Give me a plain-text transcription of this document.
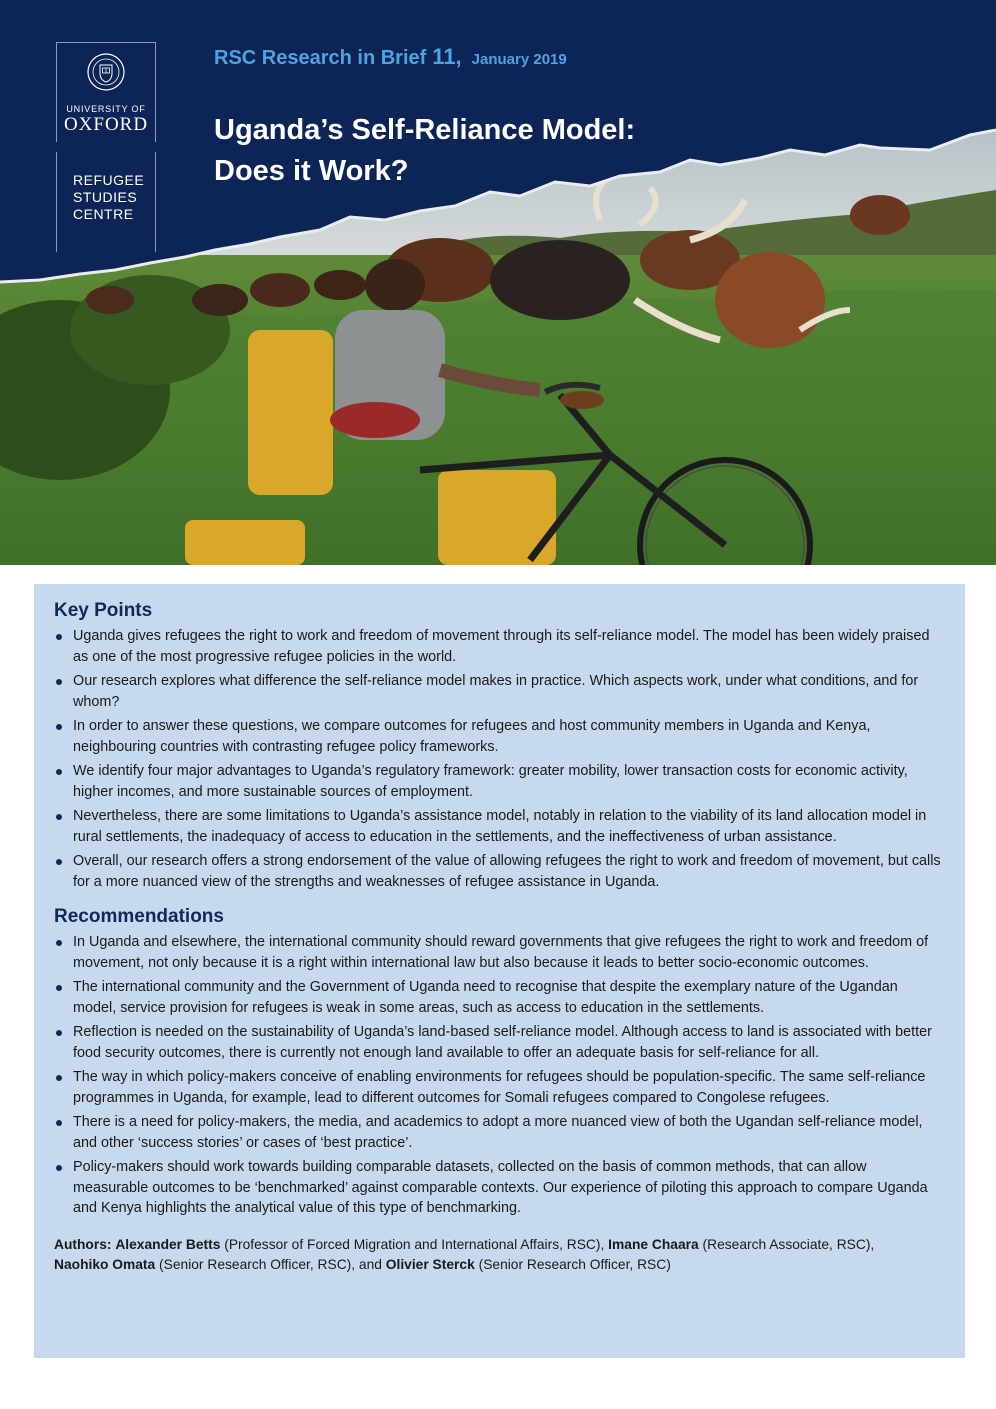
UNIVERSITY OF
OXFORD
REFUGEE
STUDIES
CENTRE
RSC Research in Brief 11, January 2019
Uganda’s Self-Reliance Model:
Does it Work?
Key Points
Uganda gives refugees the right to work and freedom of movement through its self-reliance model. The model has been widely praised as one of the most progressive refugee policies in the world.
Our research explores what difference the self-reliance model makes in practice. Which aspects work, under what conditions, and for whom?
In order to answer these questions, we compare outcomes for refugees and host community members in Uganda and Kenya, neighbouring countries with contrasting refugee policy frameworks.
We identify four major advantages to Uganda’s regulatory framework: greater mobility, lower transaction costs for economic activity, higher incomes, and more sustainable sources of employment.
Nevertheless, there are some limitations to Uganda’s assistance model, notably in relation to the viability of its land allocation model in rural settlements, the inadequacy of access to education in the settlements, and the ineffectiveness of urban assistance.
Overall, our research offers a strong endorsement of the value of allowing refugees the right to work and freedom of movement, but calls for a more nuanced view of the strengths and weaknesses of refugee assistance in Uganda.
Recommendations
In Uganda and elsewhere, the international community should reward governments that give refugees the right to work and freedom of movement, not only because it is a right within international law but also because it leads to better socio-economic outcomes.
The international community and the Government of Uganda need to recognise that despite the exemplary nature of the Ugandan model, service provision for refugees is weak in some areas, such as access to education in the settlements.
Reflection is needed on the sustainability of Uganda’s land-based self-reliance model. Although access to land is associated with better food security outcomes, there is currently not enough land available to offer an adequate basis for self-reliance for all.
The way in which policy-makers conceive of enabling environments for refugees should be population-specific. The same self-reliance programmes in Uganda, for example, lead to different outcomes for Somali refugees compared to Congolese refugees.
There is a need for policy-makers, the media, and academics to adopt a more nuanced view of both the Ugandan self-reliance model, and other ‘success stories’ or cases of ‘best practice’.
Policy-makers should work towards building comparable datasets, collected on the basis of common methods, that can allow measurable outcomes to be ‘benchmarked’ against comparable contexts. Our experience of piloting this approach to compare Uganda and Kenya highlights the analytical value of this type of benchmarking.
Authors: Alexander Betts (Professor of Forced Migration and International Affairs, RSC), Imane Chaara (Research Associate, RSC),
Naohiko Omata (Senior Research Officer, RSC), and Olivier Sterck (Senior Research Officer, RSC)
